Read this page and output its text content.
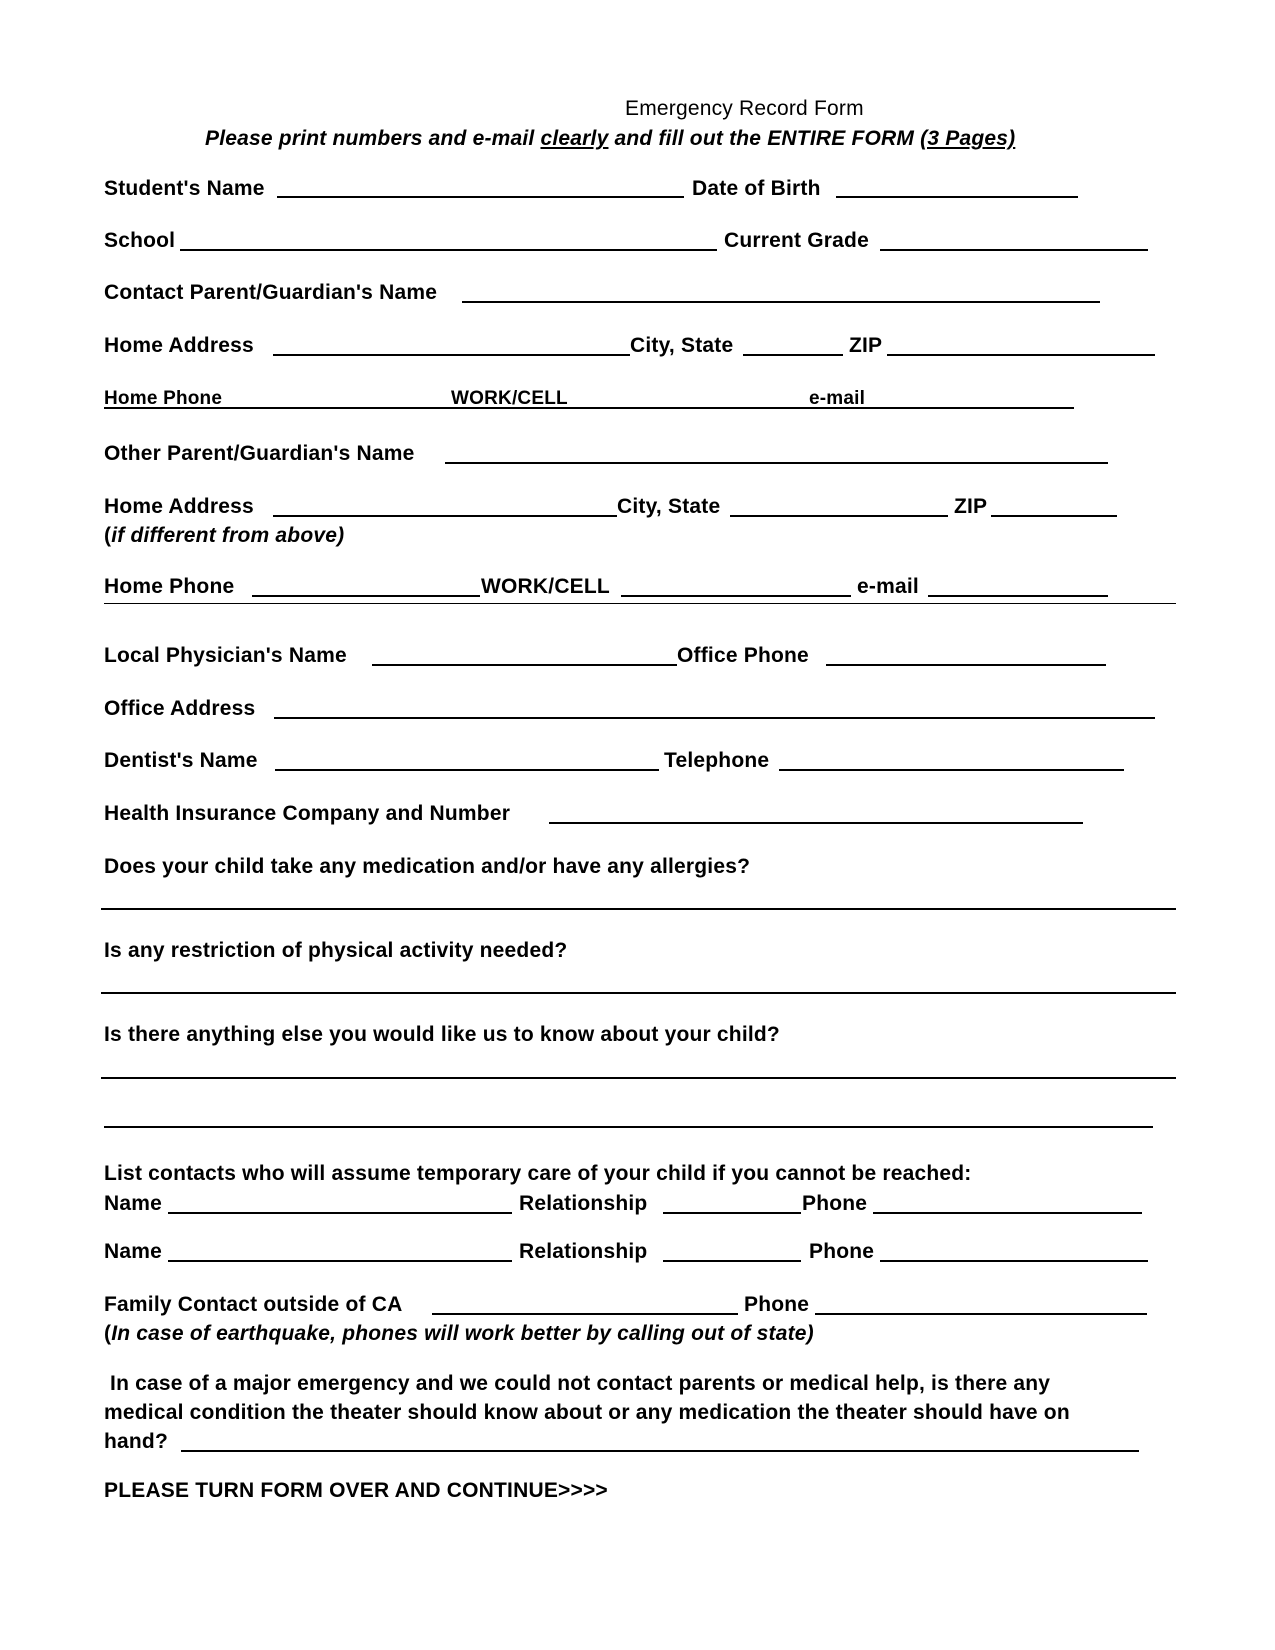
Emergency Record Form
Please print numbers and e-mail clearly and fill out the ENTIRE FORM (3 Pages)
Student's Name	Date of Birth
School	Current Grade
Contact Parent/Guardian's Name
Home Address	City, State	ZIP
Home Phone	WORK/CELL	e-mail
Other Parent/Guardian's Name
Home Address	City, State	ZIP
(if different from above)
Home Phone	WORK/CELL	e-mail
Local Physician's Name	Office Phone
Office Address
Dentist's Name	Telephone
Health Insurance Company and Number
Does your child take any medication and/or have any allergies?
Is any restriction of physical activity needed?
Is there anything else you would like us to know about your child?
List contacts who will assume temporary care of your child if you cannot be reached:
Name	Relationship	Phone
Name	Relationship	Phone
Family Contact outside of CA	Phone
(In case of earthquake, phones will work better by calling out of state)
In case of a major emergency and we could not contact parents or medical help, is there any
medical condition the theater should know about or any medication the theater should have on
hand?
PLEASE TURN FORM OVER AND CONTINUE>>>>
